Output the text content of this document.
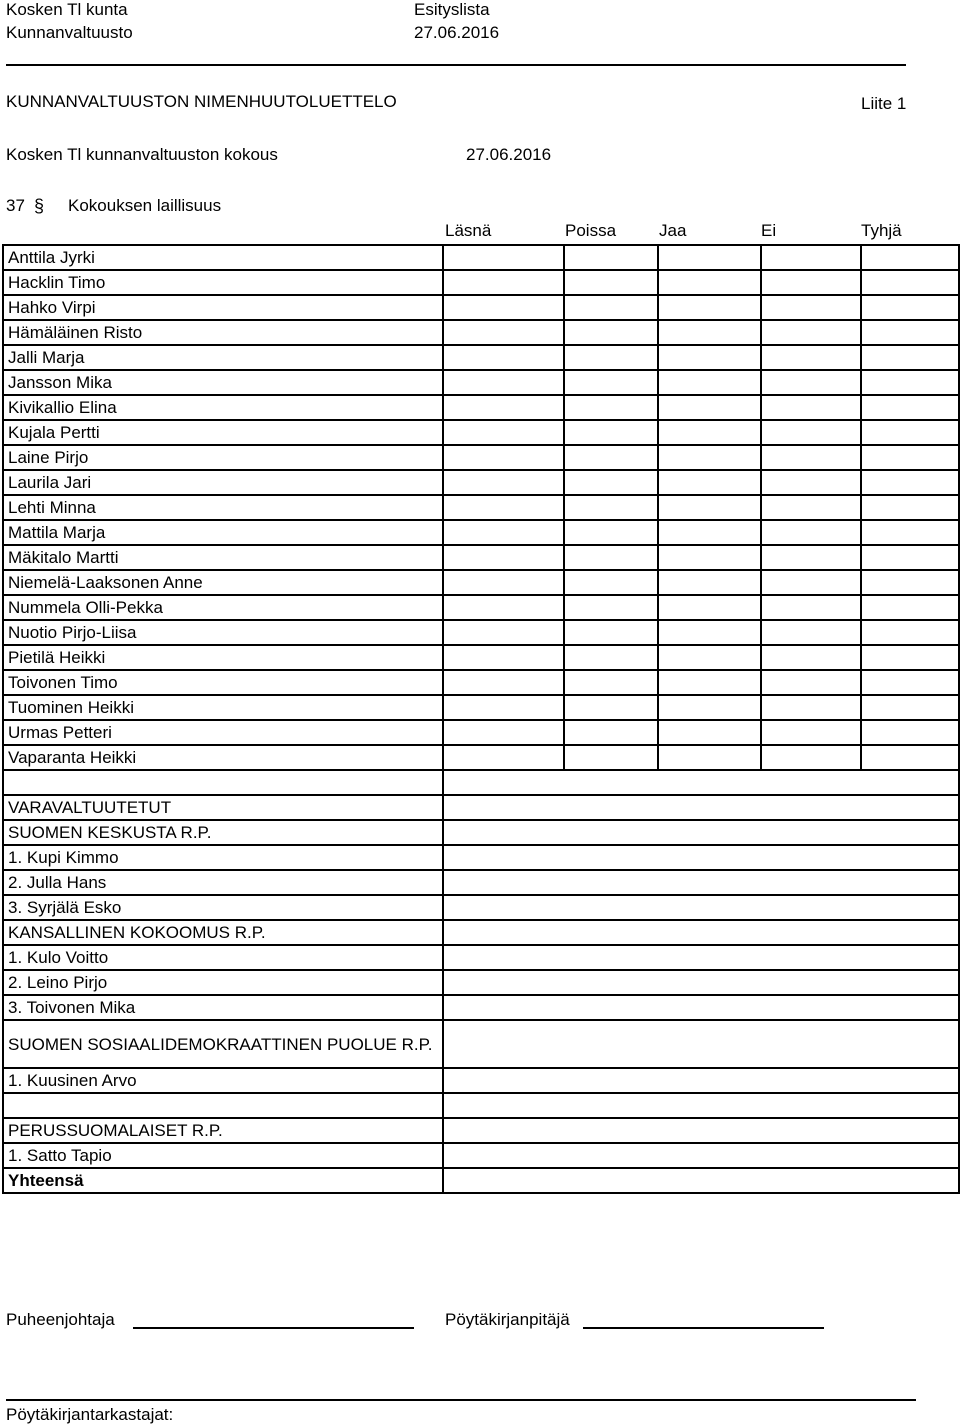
Kosken Tl kunta	Esityslista
Kunnanvaltuusto	27.06.2016
KUNNANVALTUUSTON NIMENHUUTOLUETTELO	Liite 1
Kosken Tl kunnanvaltuuston kokous	27.06.2016
37 § Kokouksen laillisuus
Läsnä	Poissa	Jaa	Ei	Tyhjä
Anttila Jyrki					
Hacklin Timo					
Hahko Virpi					
Hämäläinen Risto					
Jalli Marja					
Jansson Mika					
Kivikallio Elina					
Kujala Pertti					
Laine Pirjo					
Laurila Jari					
Lehti Minna					
Mattila Marja					
Mäkitalo Martti					
Niemelä-Laaksonen Anne					
Nummela Olli-Pekka					
Nuotio Pirjo-Liisa					
Pietilä Heikki					
Toivonen Timo					
Tuominen Heikki					
Urmas Petteri					
Vaparanta Heikki					

VARAVALTUUTETUT					
SUOMEN KESKUSTA R.P.					
1. Kupi Kimmo					
2. Julla Hans					
3. Syrjälä Esko					
KANSALLINEN KOKOOMUS R.P.					
1. Kulo Voitto					
2. Leino Pirjo					
3. Toivonen Mika					
SUOMEN SOSIAALIDEMOKRAATTINEN PUOLUE R.P.					
1. Kuusinen Arvo					

PERUSSUOMALAISET R.P.					
1. Satto Tapio					
Yhteensä					
Puheenjohtaja	Pöytäkirjanpitäjä
Pöytäkirjantarkastajat:
